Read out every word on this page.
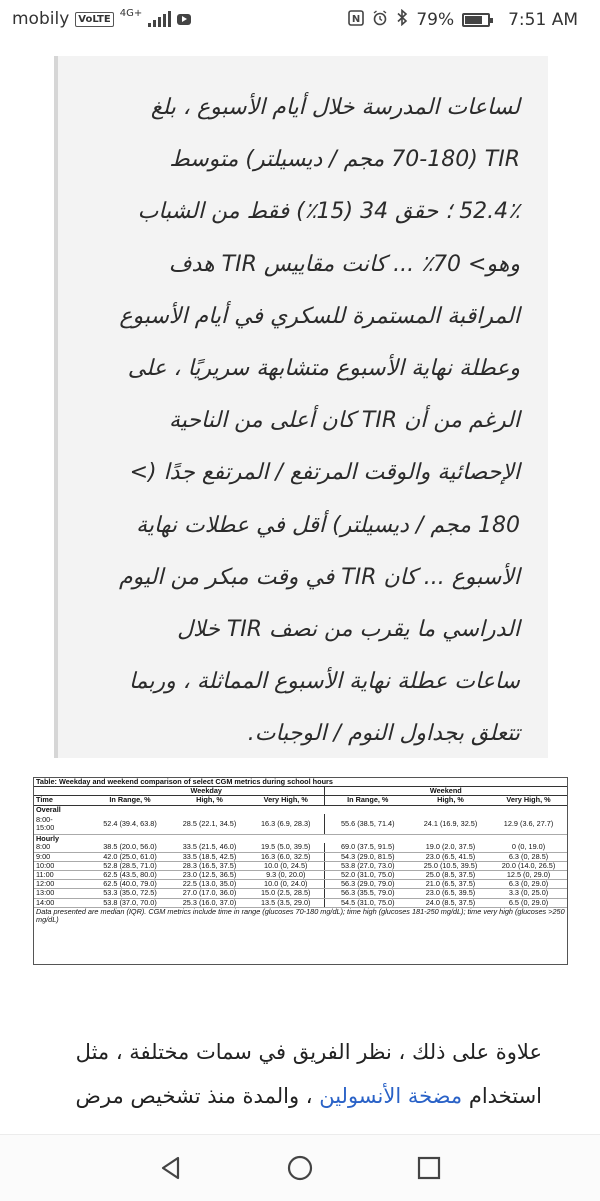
mobily VoLTE
4G+
N	79%	7:51 AM
لساعات المدرسة خلال أيام الأسبوع ، بلغ
TIR (70-180 مجم / ديسيلتر) متوسط
52.4٪ ؛ حقق 34 (15٪) فقط من الشباب
وهو> 70٪ ... كانت مقاييس TIR هدف
المراقبة المستمرة للسكري في أيام الأسبوع
وعطلة نهاية الأسبوع متشابهة سريريًا ، على
الرغم من أن TIR كان أعلى من الناحية
الإحصائية والوقت المرتفع / المرتفع جدًا (>
180 مجم / ديسيلتر) أقل في عطلات نهاية
الأسبوع ... كان TIR في وقت مبكر من اليوم
الدراسي ما يقرب من نصف TIR خلال
ساعات عطلة نهاية الأسبوع المماثلة ، وربما
تتعلق بجداول النوم / الوجبات.
Table: Weekday and weekend comparison of select CGM metrics during school hours						
	Weekday			Weekend		
Time	In Range, %	High, %	Very High, %	In Range, %	High, %	Very High, %
Overall						
8:00-
15:00	52.4 (39.4, 63.8)	28.5 (22.1, 34.5)	16.3 (6.9, 28.3)	55.6 (38.5, 71.4)	24.1 (16.9, 32.5)	12.9 (3.6, 27.7)
Hourly						
8:00	38.5 (20.0, 56.0)	33.5 (21.5, 46.0)	19.5 (5.0, 39.5)	69.0 (37.5, 91.5)	19.0 (2.0, 37.5)	0 (0, 19.0)
9:00	42.0 (25.0, 61.0)	33.5 (18.5, 42.5)	16.3 (6.0, 32.5)	54.3 (29.0, 81.5)	23.0 (6.5, 41.5)	6.3 (0, 28.5)
10:00	52.8 (28.5, 71.0)	28.3 (16.5, 37.5)	10.0 (0, 24.5)	53.8 (27.0, 73.0)	25.0 (10.5, 39.5)	20.0 (14.0, 26.5)
11:00	62.5 (43.5, 80.0)	23.0 (12.5, 36.5)	9.3 (0, 20.0)	52.0 (31.0, 75.0)	25.0 (8.5, 37.5)	12.5 (0, 29.0)
12:00	62.5 (40.0, 79.0)	22.5 (13.0, 35.0)	10.0 (0, 24.0)	56.3 (29.0, 79.0)	21.0 (6.5, 37.5)	6.3 (0, 29.0)
13:00	53.3 (35.0, 72.5)	27.0 (17.0, 36.0)	15.0 (2.5, 28.5)	56.3 (35.5, 79.0)	23.0 (6.5, 39.5)	3.3 (0, 25.0)
14:00	53.8 (37.0, 70.0)	25.3 (16.0, 37.0)	13.5 (3.5, 29.0)	54.5 (31.0, 75.0)	24.0 (8.5, 37.5)	6.5 (0, 29.0)
Data presented are median (IQR). CGM metrics include time in range (glucoses 70-180 mg/dL); time high (glucoses 181-250 mg/dL); time very high (glucoses >250 mg/dL)						

علاوة على ذلك ، نظر الفريق في سمات مختلفة ، مثل
استخدام مضخة الأنسولين ، والمدة منذ تشخيص مرض
